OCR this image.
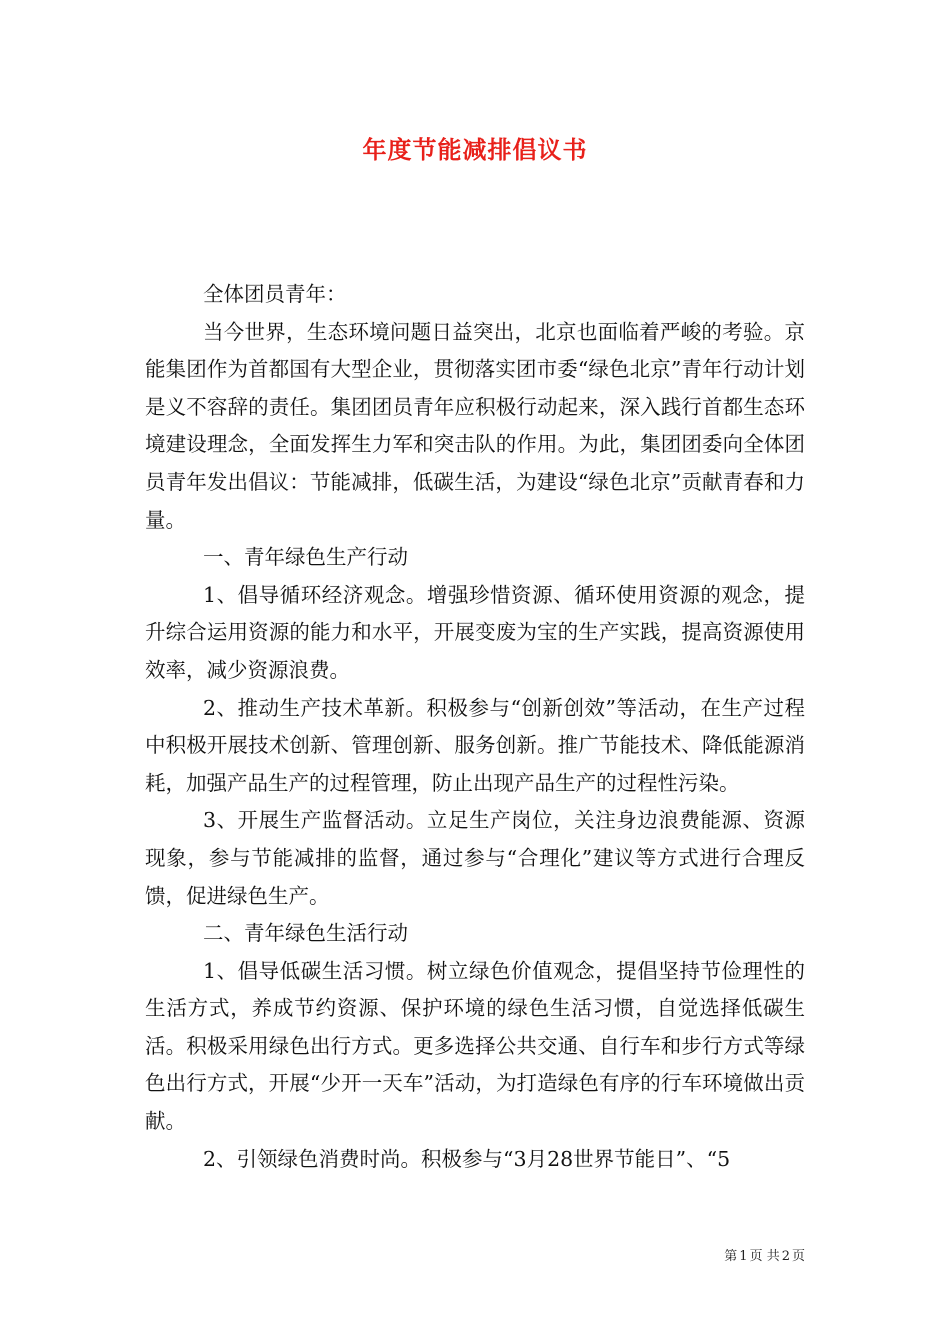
年度节能减排倡议书

全体团员青年：

当今世界，生态环境问题日益突出，北京也面临着严峻的考验。京能集团作为首都国有大型企业，贯彻落实团市委“绿色北京”青年行动计划是义不容辞的责任。集团团员青年应积极行动起来，深入践行首都生态环境建设理念，全面发挥生力军和突击队的作用。为此，集团团委向全体团员青年发出倡议：节能减排，低碳生活，为建设“绿色北京”贡献青春和力量。

一、青年绿色生产行动

1、倡导循环经济观念。增强珍惜资源、循环使用资源的观念，提升综合运用资源的能力和水平，开展变废为宝的生产实践，提高资源使用效率，减少资源浪费。

2、推动生产技术革新。积极参与“创新创效”等活动，在生产过程中积极开展技术创新、管理创新、服务创新。推广节能技术、降低能源消耗，加强产品生产的过程管理，防止出现产品生产的过程性污染。

3、开展生产监督活动。立足生产岗位，关注身边浪费能源、资源现象，参与节能减排的监督，通过参与“合理化”建议等方式进行合理反馈，促进绿色生产。

二、青年绿色生活行动

1、倡导低碳生活习惯。树立绿色价值观念，提倡坚持节俭理性的生活方式，养成节约资源、保护环境的绿色生活习惯，自觉选择低碳生活。积极采用绿色出行方式。更多选择公共交通、自行车和步行方式等绿色出行方式，开展“少开一天车”活动，为打造绿色有序的行车环境做出贡献。

2、引领绿色消费时尚。积极参与“3月28世界节能日”、“5

第 1 页 共 2 页
